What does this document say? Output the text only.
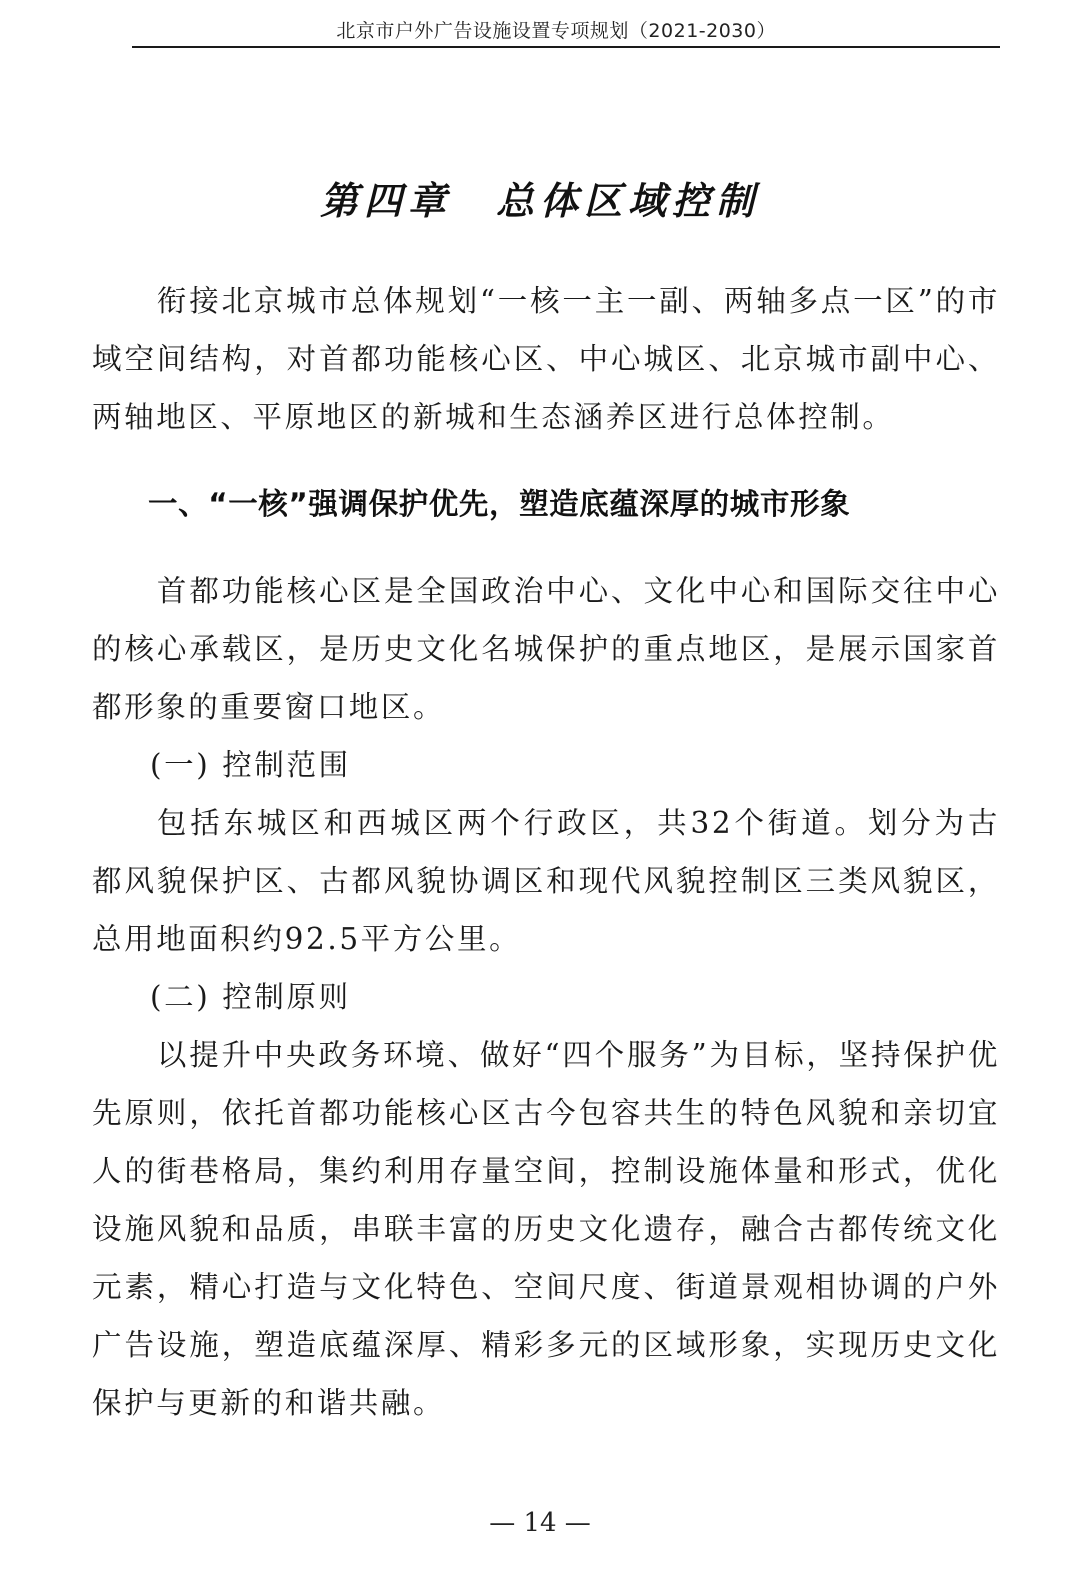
北京市户外广告设施设置专项规划（2021-2030）
第四章　总体区域控制

衔接北京城市总体规划“一核一主一副、两轴多点一区”的市域空间结构，对首都功能核心区、中心城区、北京城市副中心、两轴地区、平原地区的新城和生态涵养区进行总体控制。

一、“一核”强调保护优先，塑造底蕴深厚的城市形象

首都功能核心区是全国政治中心、文化中心和国际交往中心的核心承载区，是历史文化名城保护的重点地区，是展示国家首都形象的重要窗口地区。

(一) 控制范围

包括东城区和西城区两个行政区，共32个街道。划分为古都风貌保护区、古都风貌协调区和现代风貌控制区三类风貌区，总用地面积约92.5平方公里。

(二) 控制原则

以提升中央政务环境、做好“四个服务”为目标，坚持保护优先原则，依托首都功能核心区古今包容共生的特色风貌和亲切宜人的街巷格局，集约利用存量空间，控制设施体量和形式，优化设施风貌和品质，串联丰富的历史文化遗存，融合古都传统文化元素，精心打造与文化特色、空间尺度、街道景观相协调的户外广告设施，塑造底蕴深厚、精彩多元的区域形象，实现历史文化保护与更新的和谐共融。

— 14 —
